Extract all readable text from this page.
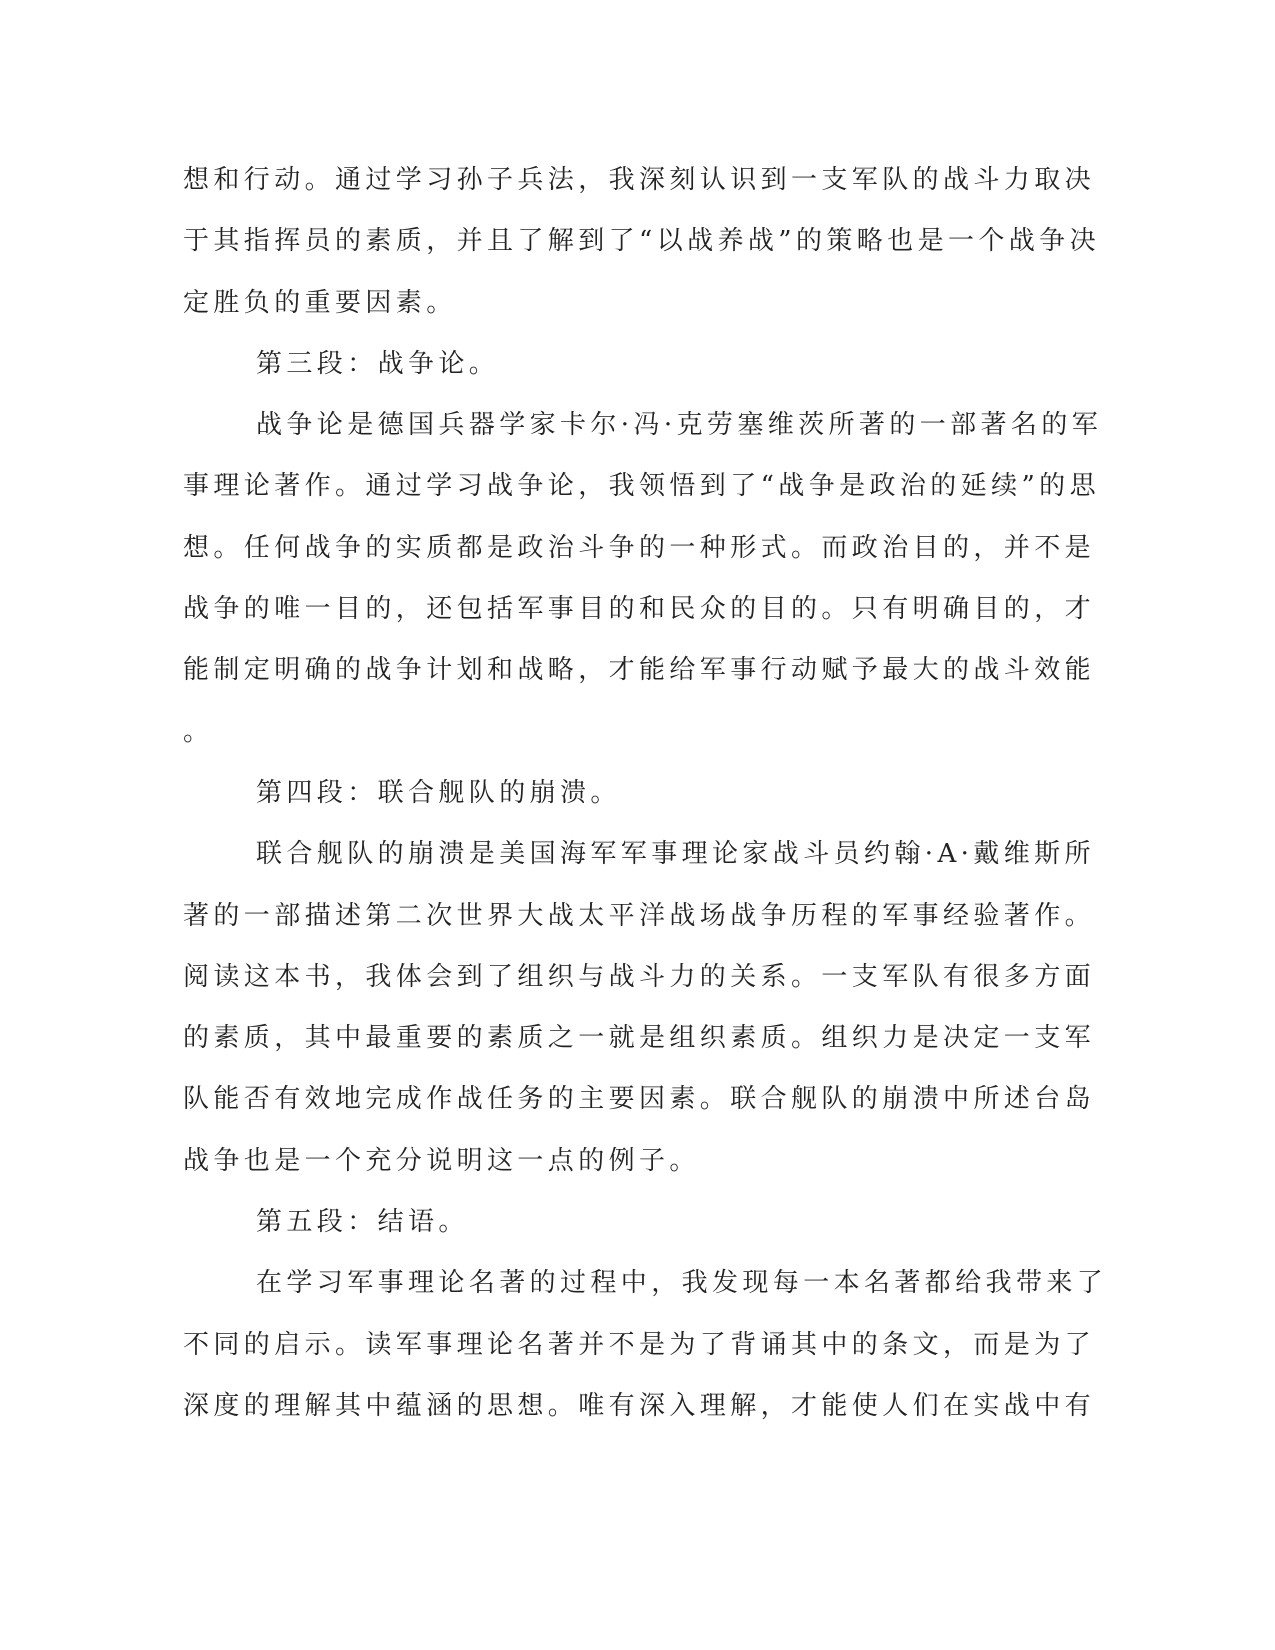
想和行动。通过学习孙子兵法，我深刻认识到一支军队的战斗力取决
于其指挥员的素质，并且了解到了“以战养战”的策略也是一个战争决
定胜负的重要因素。
第三段：战争论。
战争论是德国兵器学家卡尔·冯·克劳塞维茨所著的一部著名的军
事理论著作。通过学习战争论，我领悟到了“战争是政治的延续”的思
想。任何战争的实质都是政治斗争的一种形式。而政治目的，并不是
战争的唯一目的，还包括军事目的和民众的目的。只有明确目的，才
能制定明确的战争计划和战略，才能给军事行动赋予最大的战斗效能
。
第四段：联合舰队的崩溃。
联合舰队的崩溃是美国海军军事理论家战斗员约翰·A·戴维斯所
著的一部描述第二次世界大战太平洋战场战争历程的军事经验著作。
阅读这本书，我体会到了组织与战斗力的关系。一支军队有很多方面
的素质，其中最重要的素质之一就是组织素质。组织力是决定一支军
队能否有效地完成作战任务的主要因素。联合舰队的崩溃中所述台岛
战争也是一个充分说明这一点的例子。
第五段：结语。
在学习军事理论名著的过程中，我发现每一本名著都给我带来了
不同的启示。读军事理论名著并不是为了背诵其中的条文，而是为了
深度的理解其中蕴涵的思想。唯有深入理解，才能使人们在实战中有
